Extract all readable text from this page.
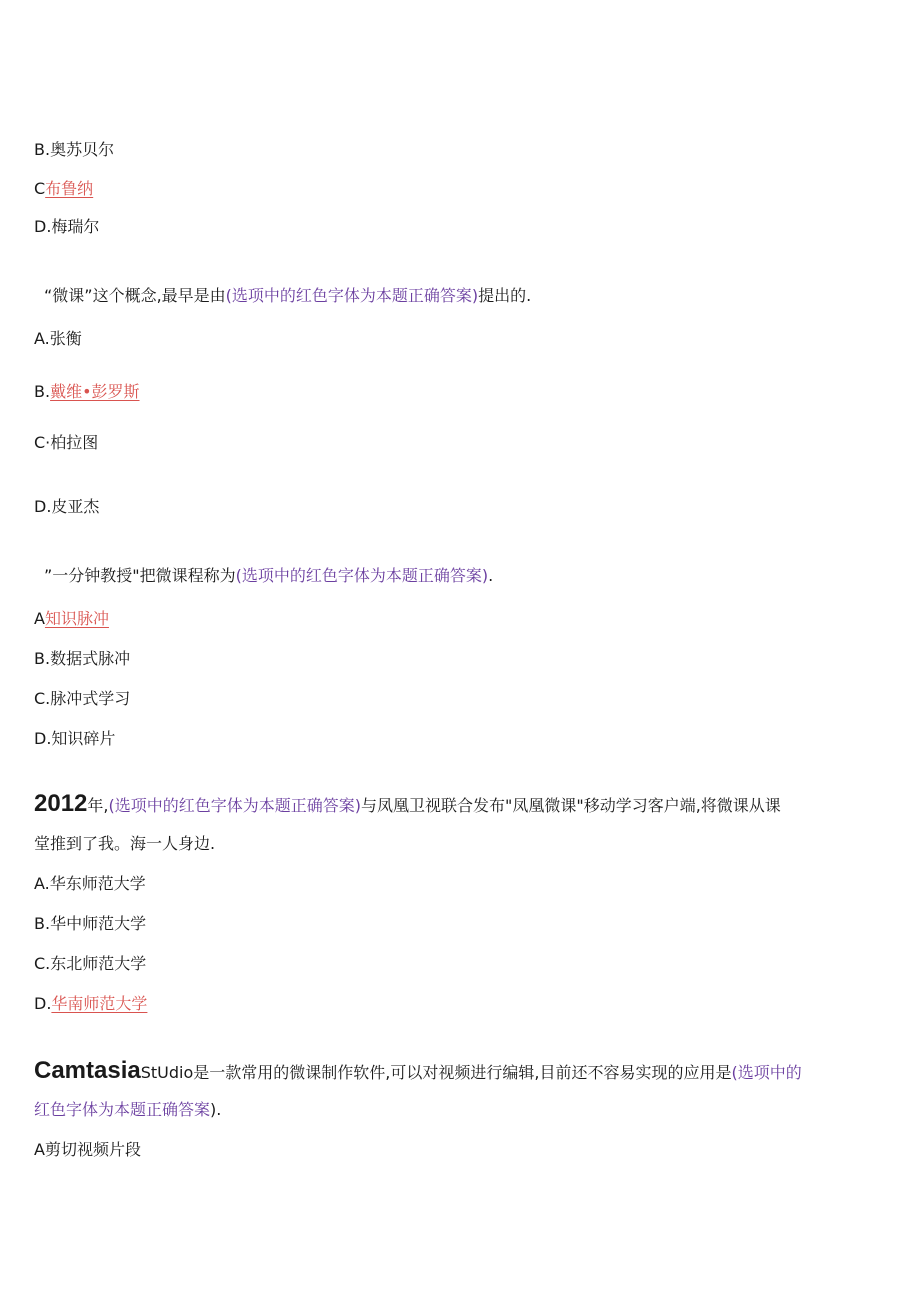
B.奥苏贝尔
C布鲁纳
D.梅瑞尔
“微课”这个概念,最早是由(选项中的红色字体为本题正确答案)提出的.
A.张衡
B.戴维•彭罗斯
C·柏拉图
D.皮亚杰
”一分钟教授"把微课程称为(选项中的红色字体为本题正确答案).
A知识脉冲
B.数据式脉冲
C.脉冲式学习
D.知识碎片
2012年,(选项中的红色字体为本题正确答案)与凤凰卫视联合发布"凤凰微课"移动学习客户端,将微课从课
堂推到了我。海一人身边.
A.华东师范大学
B.华中师范大学
C.东北师范大学
D.华南师范大学
CamtasiaStUdio是一款常用的微课制作软件,可以对视频进行编辑,目前还不容易实现的应用是(选项中的
红色字体为本题正确答案).
A剪切视频片段
